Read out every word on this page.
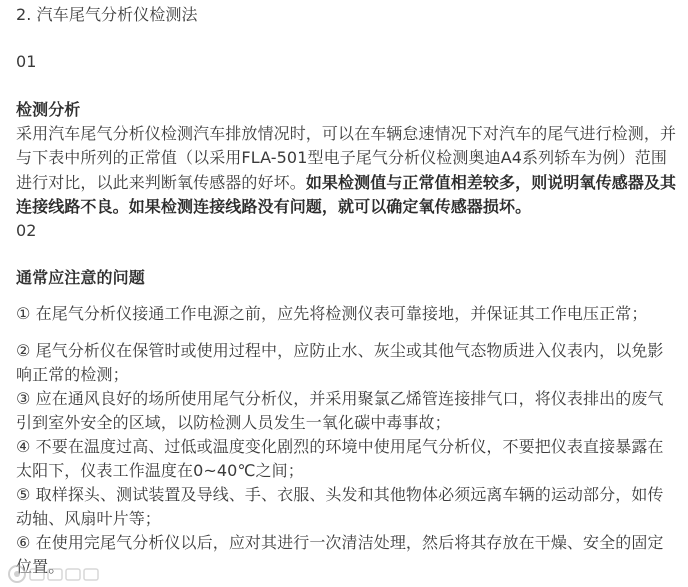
2. 汽车尾气分析仪检测法
01
检测分析
采用汽车尾气分析仪检测汽车排放情况时，可以在车辆怠速情况下对汽车的尾气进行检测，并
与下表中所列的正常值（以采用FLA-501型电子尾气分析仪检测奥迪A4系列轿车为例）范围
进行对比，以此来判断氧传感器的好坏。如果检测值与正常值相差较多，则说明氧传感器及其
连接线路不良。如果检测连接线路没有问题，就可以确定氧传感器损坏。
02
通常应注意的问题
① 在尾气分析仪接通工作电源之前，应先将检测仪表可靠接地，并保证其工作电压正常；
② 尾气分析仪在保管时或使用过程中，应防止水、灰尘或其他气态物质进入仪表内，以免影
响正常的检测；
③ 应在通风良好的场所使用尾气分析仪，并采用聚氯乙烯管连接排气口，将仪表排出的废气
引到室外安全的区域，以防检测人员发生一氧化碳中毒事故；
④ 不要在温度过高、过低或温度变化剧烈的环境中使用尾气分析仪，不要把仪表直接暴露在
太阳下，仪表工作温度在0~40℃之间；
⑤ 取样探头、测试装置及导线、手、衣服、头发和其他物体必须远离车辆的运动部分，如传
动轴、风扇叶片等；
⑥ 在使用完尾气分析仪以后，应对其进行一次清洁处理，然后将其存放在干燥、安全的固定
位置。
